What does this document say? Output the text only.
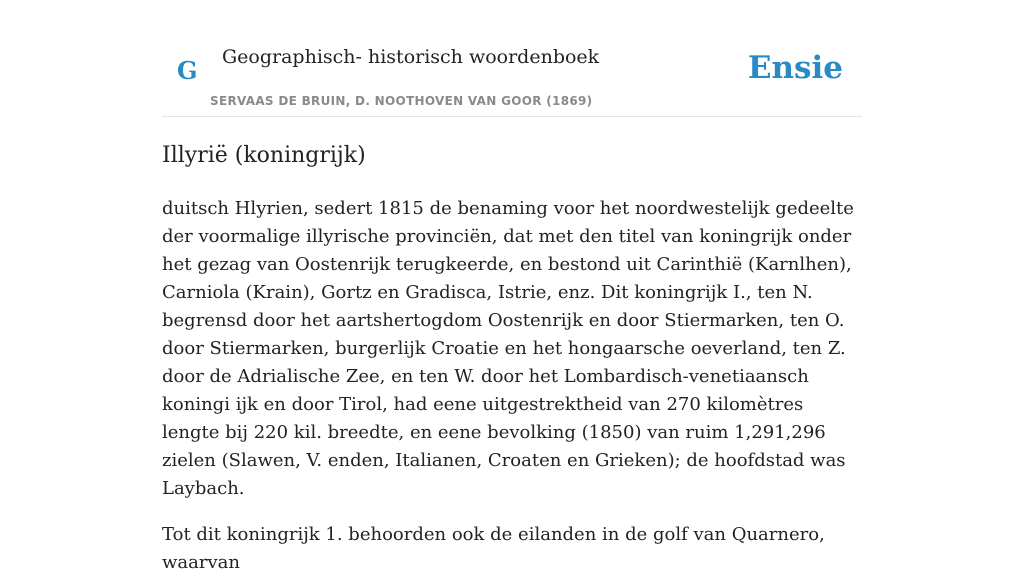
G Geographisch- historisch woordenboek
SERVAAS DE BRUIN, D. NOOTHOVEN VAN GOOR (1869)
Ensie
Illyrië (koningrijk)

duitsch Hlyrien, sedert 1815 de benaming voor het noordwestelijk gedeelte der voormalige illyrische provinciën, dat met den titel van koningrijk onder het gezag van Oostenrijk terugkeerde, en bestond uit Carinthië (Karnlhen), Carniola (Krain), Gortz en Gradisca, Istrie, enz. Dit koningrijk I., ten N. begrensd door het aartshertogdom Oostenrijk en door Stiermarken, ten O. door Stiermarken, burgerlijk Croatie en het hongaarsche oeverland, ten Z. door de Adrialische Zee, en ten W. door het Lombardisch-venetiaansch koningi ijk en door Tirol, had eene uitgestrektheid van 270 kilomètres lengte bij 220 kil. breedte, en eene bevolking (1850) van ruim 1,291,296 zielen (Slawen, V. enden, Italianen, Croaten en Grieken); de hoofdstad was Laybach.

Tot dit koningrijk 1. behoorden ook de eilanden in de golf van Quarnero, waarvan
